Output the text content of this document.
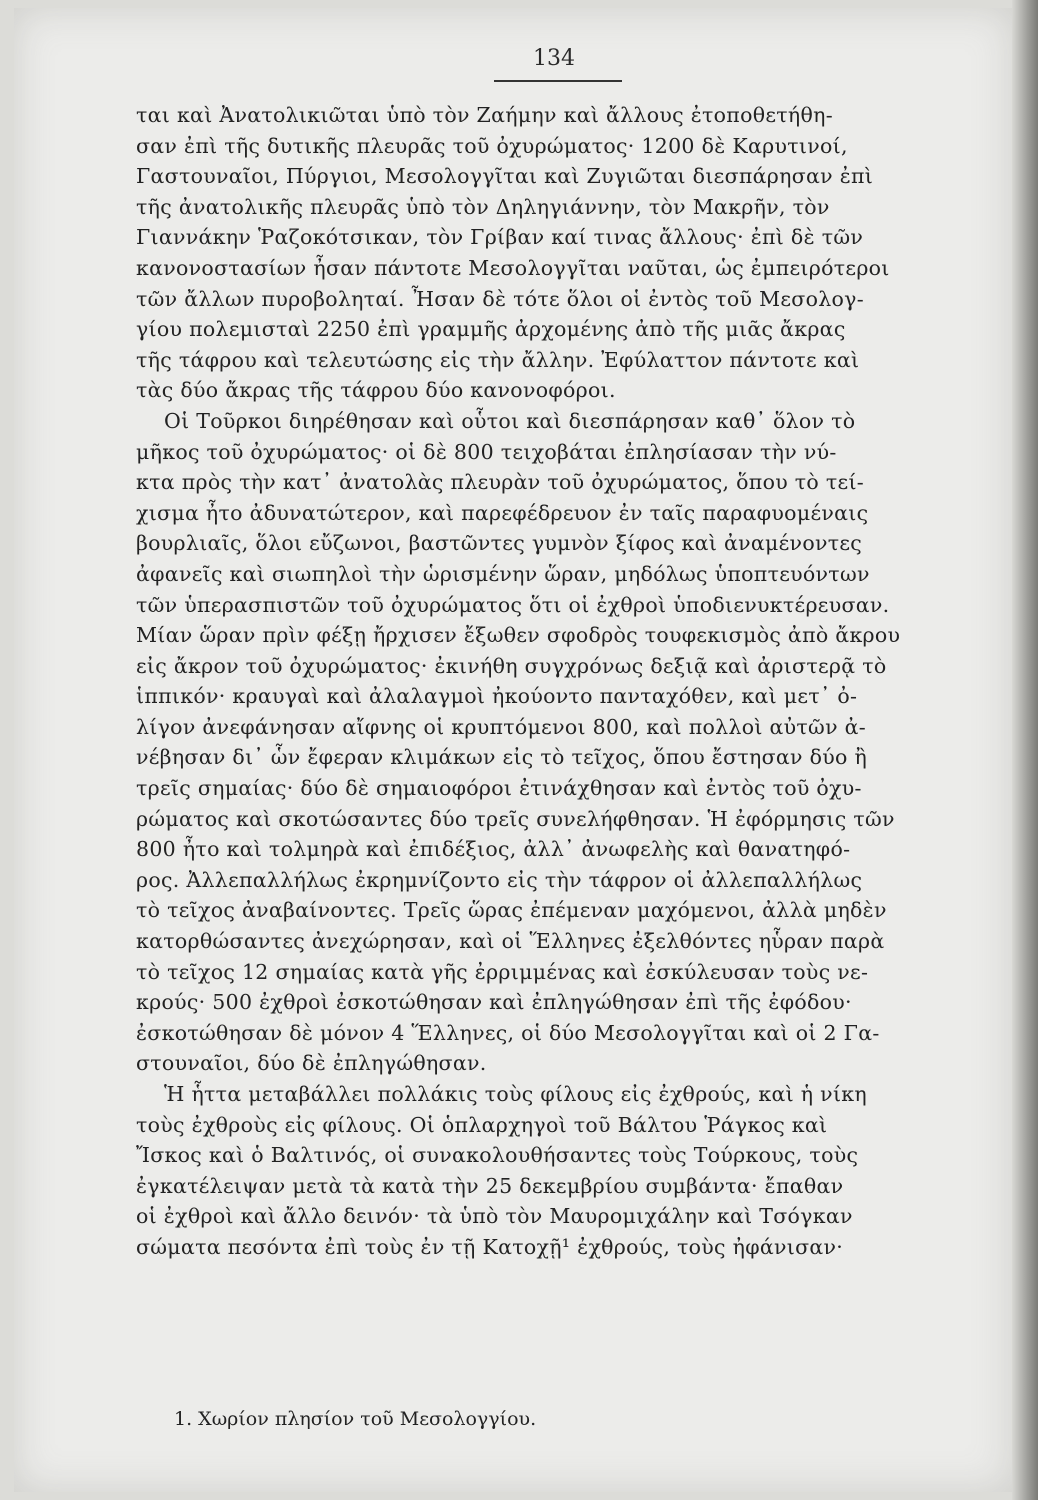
134
ται καὶ Ἀνατολικιῶται ὑπὸ τὸν Ζαήμην καὶ ἄλλους ἐτοποθετήθη-
σαν ἐπὶ τῆς δυτικῆς πλευρᾶς τοῦ ὀχυρώματος· 1200 δὲ Καρυτινοί,
Γαστουναῖοι, Πύργιοι, Μεσολογγῖται καὶ Ζυγιῶται διεσπάρησαν ἐπὶ
τῆς ἀνατολικῆς πλευρᾶς ὑπὸ τὸν Δηληγιάννην, τὸν Μακρῆν, τὸν
Γιαννάκην Ῥαζοκότσικαν, τὸν Γρίβαν καί τινας ἄλλους· ἐπὶ δὲ τῶν
κανονοστασίων ἦσαν πάντοτε Μεσολογγῖται ναῦται, ὡς ἐμπειρότεροι
τῶν ἄλλων πυροβοληταί. Ἦσαν δὲ τότε ὅλοι οἱ ἐντὸς τοῦ Μεσολογ-
γίου πολεμισταὶ 2250 ἐπὶ γραμμῆς ἀρχομένης ἀπὸ τῆς μιᾶς ἄκρας
τῆς τάφρου καὶ τελευτώσης εἰς τὴν ἄλλην. Ἐφύλαττον πάντοτε καὶ
τὰς δύο ἄκρας τῆς τάφρου δύο κανονοφόροι.
Οἱ Τοῦρκοι διηρέθησαν καὶ οὗτοι καὶ διεσπάρησαν καθ᾽ ὅλον τὸ
μῆκος τοῦ ὀχυρώματος· οἱ δὲ 800 τειχοβάται ἐπλησίασαν τὴν νύ-
κτα πρὸς τὴν κατ᾽ ἀνατολὰς πλευρὰν τοῦ ὀχυρώματος, ὅπου τὸ τεί-
χισμα ἦτο ἀδυνατώτερον, καὶ παρεφέδρευον ἐν ταῖς παραφυομέναις
βουρλιαῖς, ὅλοι εὔζωνοι, βαστῶντες γυμνὸν ξίφος καὶ ἀναμένοντες
ἀφανεῖς καὶ σιωπηλοὶ τὴν ὡρισμένην ὥραν, μηδόλως ὑποπτευόντων
τῶν ὑπερασπιστῶν τοῦ ὀχυρώματος ὅτι οἱ ἐχθροὶ ὑποδιενυκτέρευσαν.
Μίαν ὥραν πρὶν φέξῃ ἤρχισεν ἔξωθεν σφοδρὸς τουφεκισμὸς ἀπὸ ἄκρου
εἰς ἄκρον τοῦ ὀχυρώματος· ἐκινήθη συγχρόνως δεξιᾷ καὶ ἀριστερᾷ τὸ
ἱππικόν· κραυγαὶ καὶ ἀλαλαγμοὶ ἠκούοντο πανταχόθεν, καὶ μετ᾽ ὀ-
λίγον ἀνεφάνησαν αἴφνης οἱ κρυπτόμενοι 800, καὶ πολλοὶ αὐτῶν ἀ-
νέβησαν δι᾽ ὧν ἔφεραν κλιμάκων εἰς τὸ τεῖχος, ὅπου ἔστησαν δύο ἢ
τρεῖς σημαίας· δύο δὲ σημαιοφόροι ἐτινάχθησαν καὶ ἐντὸς τοῦ ὀχυ-
ρώματος καὶ σκοτώσαντες δύο τρεῖς συνελήφθησαν. Ἡ ἐφόρμησις τῶν
800 ἦτο καὶ τολμηρὰ καὶ ἐπιδέξιος, ἀλλ᾽ ἀνωφελὴς καὶ θανατηφό-
ρος. Ἀλλεπαλλήλως ἐκρημνίζοντο εἰς τὴν τάφρον οἱ ἀλλεπαλλήλως
τὸ τεῖχος ἀναβαίνοντες. Τρεῖς ὥρας ἐπέμεναν μαχόμενοι, ἀλλὰ μηδὲν
κατορθώσαντες ἀνεχώρησαν, καὶ οἱ Ἕλληνες ἐξελθόντες ηὗραν παρὰ
τὸ τεῖχος 12 σημαίας κατὰ γῆς ἐρριμμένας καὶ ἐσκύλευσαν τοὺς νε-
κρούς· 500 ἐχθροὶ ἐσκοτώθησαν καὶ ἐπληγώθησαν ἐπὶ τῆς ἐφόδου·
ἐσκοτώθησαν δὲ μόνον 4 Ἕλληνες, οἱ δύο Μεσολογγῖται καὶ οἱ 2 Γα-
στουναῖοι, δύο δὲ ἐπληγώθησαν.
Ἡ ἧττα μεταβάλλει πολλάκις τοὺς φίλους εἰς ἐχθρούς, καὶ ἡ νίκη
τοὺς ἐχθροὺς εἰς φίλους. Οἱ ὁπλαρχηγοὶ τοῦ Βάλτου Ῥάγκος καὶ
Ἴσκος καὶ ὁ Βαλτινός, οἱ συνακολουθήσαντες τοὺς Τούρκους, τοὺς
ἐγκατέλειψαν μετὰ τὰ κατὰ τὴν 25 δεκεμβρίου συμβάντα· ἔπαθαν
οἱ ἐχθροὶ καὶ ἄλλο δεινόν· τὰ ὑπὸ τὸν Μαυρομιχάλην καὶ Τσόγκαν
σώματα πεσόντα ἐπὶ τοὺς ἐν τῇ Κατοχῇ¹ ἐχθρούς, τοὺς ἠφάνισαν·
1. Χωρίον πλησίον τοῦ Μεσολογγίου.
